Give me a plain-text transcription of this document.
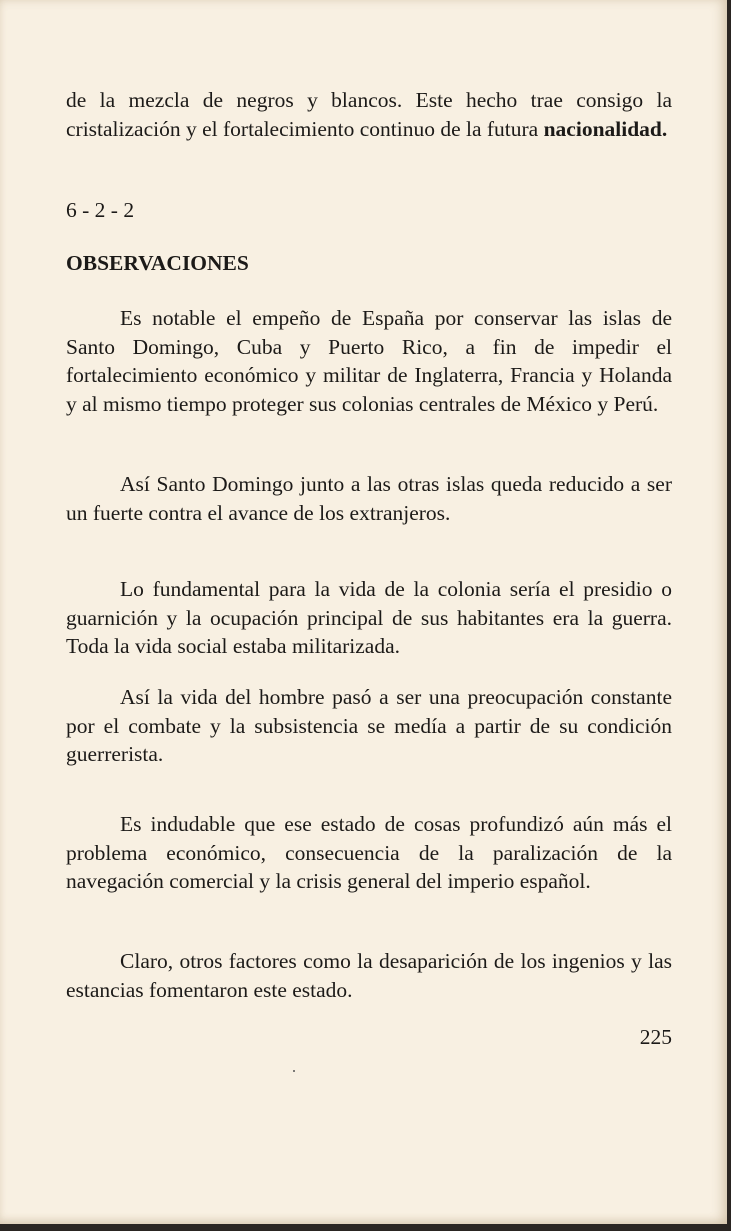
de la mezcla de negros y blancos. Este hecho trae consigo la cristalización y el fortalecimiento continuo de la futura nacionalidad.

6 - 2 - 2

OBSERVACIONES

Es notable el empeño de España por conservar las islas de Santo Domingo, Cuba y Puerto Rico, a fin de impedir el fortalecimiento económico y militar de Inglaterra, Francia y Holanda y al mismo tiempo proteger sus colonias centrales de México y Perú.

Así Santo Domingo junto a las otras islas queda reducido a ser un fuerte contra el avance de los extranjeros.

Lo fundamental para la vida de la colonia sería el presidio o guarnición y la ocupación principal de sus habitantes era la guerra. Toda la vida social estaba militarizada.

Así la vida del hombre pasó a ser una preocupación constante por el combate y la subsistencia se medía a partir de su condición guerrerista.

Es indudable que ese estado de cosas profundizó aún más el problema económico, consecuencia de la paralización de la navegación comercial y la crisis general del imperio español.

Claro, otros factores como la desaparición de los ingenios y las estancias fomentaron este estado.

225
